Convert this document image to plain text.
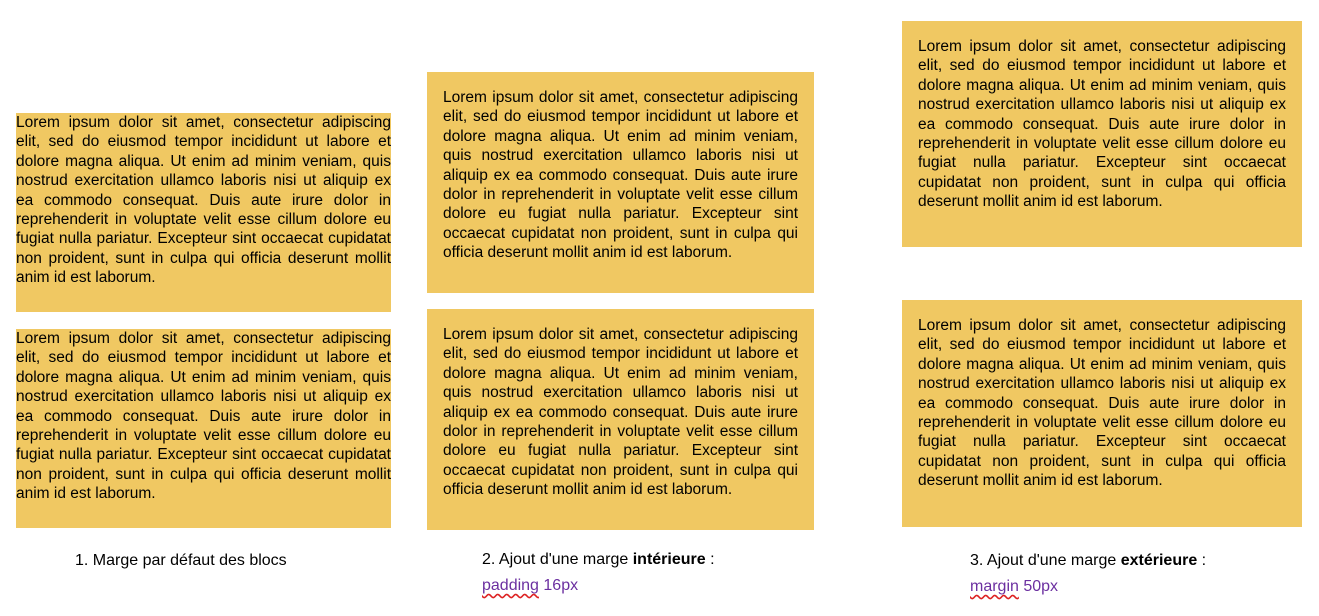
Lorem ipsum dolor sit amet, consectetur adipiscing elit, sed do eiusmod tempor incididunt ut labore et dolore magna aliqua. Ut enim ad minim veniam, quis nostrud exercitation ullamco laboris nisi ut aliquip ex ea commodo consequat. Duis aute irure dolor in reprehenderit in voluptate velit esse cillum dolore eu fugiat nulla pariatur. Excepteur sint occaecat cupidatat non proident, sunt in culpa qui officia deserunt mollit anim id est laborum.

Lorem ipsum dolor sit amet, consectetur adipiscing elit, sed do eiusmod tempor incididunt ut labore et dolore magna aliqua. Ut enim ad minim veniam, quis nostrud exercitation ullamco laboris nisi ut aliquip ex ea commodo consequat. Duis aute irure dolor in reprehenderit in voluptate velit esse cillum dolore eu fugiat nulla pariatur. Excepteur sint occaecat cupidatat non proident, sunt in culpa qui officia deserunt mollit anim id est laborum.

Lorem ipsum dolor sit amet, consectetur adipiscing elit, sed do eiusmod tempor incididunt ut labore et dolore magna aliqua. Ut enim ad minim veniam, quis nostrud exercitation ullamco laboris nisi ut aliquip ex ea commodo consequat. Duis aute irure dolor in reprehenderit in voluptate velit esse cillum dolore eu fugiat nulla pariatur. Excepteur sint occaecat cupidatat non proident, sunt in culpa qui officia deserunt mollit anim id est laborum.

Lorem ipsum dolor sit amet, consectetur adipiscing elit, sed do eiusmod tempor incididunt ut labore et dolore magna aliqua. Ut enim ad minim veniam, quis nostrud exercitation ullamco laboris nisi ut aliquip ex ea commodo consequat. Duis aute irure dolor in reprehenderit in voluptate velit esse cillum dolore eu fugiat nulla pariatur. Excepteur sint occaecat cupidatat non proident, sunt in culpa qui officia deserunt mollit anim id est laborum.

Lorem ipsum dolor sit amet, consectetur adipiscing elit, sed do eiusmod tempor incididunt ut labore et dolore magna aliqua. Ut enim ad minim veniam, quis nostrud exercitation ullamco laboris nisi ut aliquip ex ea commodo consequat. Duis aute irure dolor in reprehenderit in voluptate velit esse cillum dolore eu fugiat nulla pariatur. Excepteur sint occaecat cupidatat non proident, sunt in culpa qui officia deserunt mollit anim id est laborum.

Lorem ipsum dolor sit amet, consectetur adipiscing elit, sed do eiusmod tempor incididunt ut labore et dolore magna aliqua. Ut enim ad minim veniam, quis nostrud exercitation ullamco laboris nisi ut aliquip ex ea commodo consequat. Duis aute irure dolor in reprehenderit in voluptate velit esse cillum dolore eu fugiat nulla pariatur. Excepteur sint occaecat cupidatat non proident, sunt in culpa qui officia deserunt mollit anim id est laborum.

1. Marge par défaut des blocs	2. Ajout d'une marge intérieure :
padding 16px
3. Ajout d'une marge extérieure :
margin 50px
